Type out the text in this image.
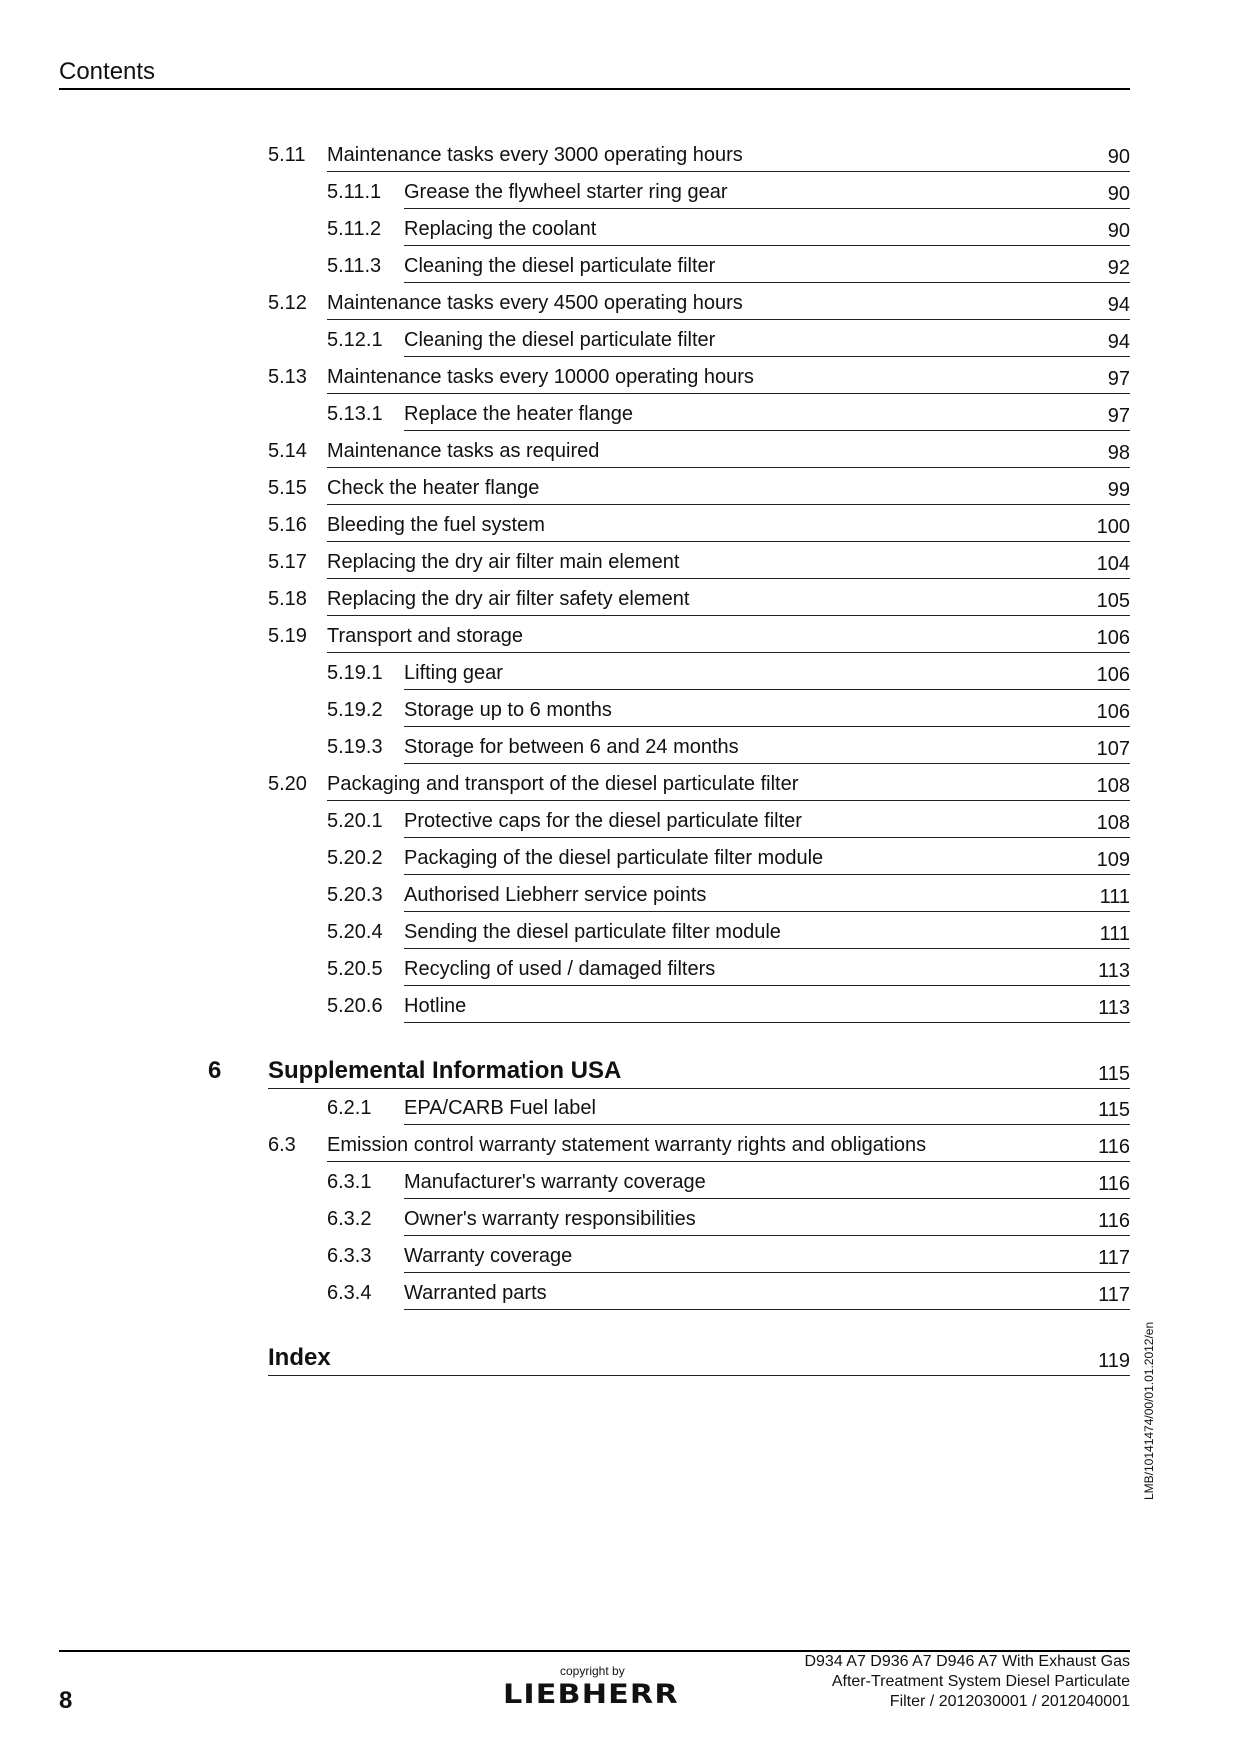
Contents
5.11 Maintenance tasks every 3000 operating hours	90
5.11.1 Grease the flywheel starter ring gear	90
5.11.2 Replacing the coolant	90
5.11.3 Cleaning the diesel particulate filter	92
5.12 Maintenance tasks every 4500 operating hours	94
5.12.1 Cleaning the diesel particulate filter	94
5.13 Maintenance tasks every 10000 operating hours	97
5.13.1 Replace the heater flange	97
5.14 Maintenance tasks as required	98
5.15 Check the heater flange	99
5.16 Bleeding the fuel system	100
5.17 Replacing the dry air filter main element	104
5.18 Replacing the dry air filter safety element	105
5.19 Transport and storage	106
5.19.1 Lifting gear	106
5.19.2 Storage up to 6 months	106
5.19.3 Storage for between 6 and 24 months	107
5.20 Packaging and transport of the diesel particulate filter	108
5.20.1 Protective caps for the diesel particulate filter	108
5.20.2 Packaging of the diesel particulate filter module	109
5.20.3 Authorised Liebherr service points	111
5.20.4 Sending the diesel particulate filter module	111
5.20.5 Recycling of used / damaged filters	113
5.20.6 Hotline	113
6 Supplemental Information USA	115
6.2.1 EPA/CARB Fuel label	115
6.3 Emission control warranty statement warranty rights and obligations	116
6.3.1 Manufacturer's warranty coverage	116
6.3.2 Owner's warranty responsibilities	116
6.3.3 Warranty coverage	117
6.3.4 Warranted parts	117
Index	119 LMB/10141474/00/01.01.2012/en
8
copyright by
LIEBHERR
D934 A7 D936 A7 D946 A7 With Exhaust Gas
After-Treatment System Diesel Particulate
Filter / 2012030001 / 2012040001
